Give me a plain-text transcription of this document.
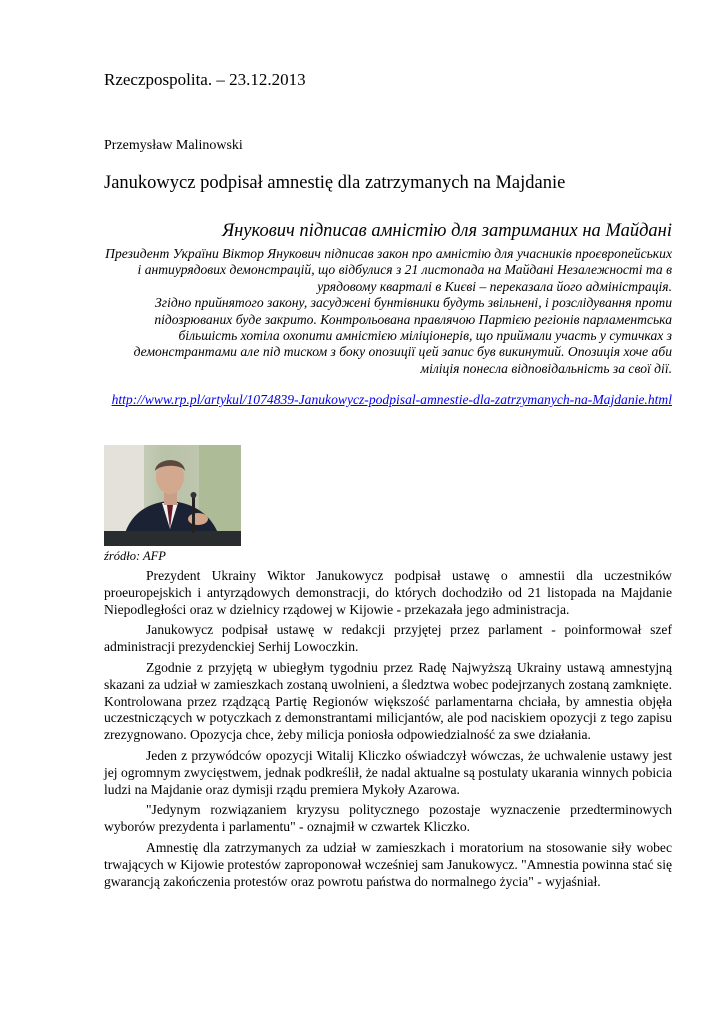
Rzeczpospolita. – 23.12.2013
Przemysław Malinowski
Janukowycz podpisał amnestię dla zatrzymanych na Majdanie
Янукович підписав амністію для затриманих на Майдані

Президент України Віктор Янукович підписав закон про амністію для учасників проєвропейських і антиурядових демонстрацій, що відбулися з 21 листопада на Майдані Незалежності та в урядовому кварталі в Києві – переказала його адміністрація.

Згідно прийнятого закону, засуджені бунтівники будуть звільнені, і розслідування проти підозрюваних буде закрито. Контрольована правлячою Партією регіонів парламентська більшість хотіла охопити амністією міліціонерів, що приймали участь у сутичках з демонстрантами але під тиском з боку опозиції цей запис був викинутий. Опозиція хоче аби міліція понесла відповідальність за свої дії.

http://www.rp.pl/artykul/1074839-Janukowycz-podpisal-amnestie-dla-zatrzymanych-na-Majdanie.html
źródło: AFP

Prezydent Ukrainy Wiktor Janukowycz podpisał ustawę o amnestii dla uczestników proeuropejskich i antyrządowych demonstracji, do których dochodziło od 21 listopada na Majdanie Niepodległości oraz w dzielnicy rządowej w Kijowie - przekazała jego administracja.

Janukowycz podpisał ustawę w redakcji przyjętej przez parlament - poinformował szef administracji prezydenckiej Serhij Lowoczkin.

Zgodnie z przyjętą w ubiegłym tygodniu przez Radę Najwyższą Ukrainy ustawą amnestyjną skazani za udział w zamieszkach zostaną uwolnieni, a śledztwa wobec podejrzanych zostaną zamknięte. Kontrolowana przez rządzącą Partię Regionów większość parlamentarna chciała, by amnestia objęła uczestniczących w potyczkach z demonstrantami milicjantów, ale pod naciskiem opozycji z tego zapisu zrezygnowano. Opozycja chce, żeby milicja poniosła odpowiedzialność za swe działania.

Jeden z przywódców opozycji Witalij Kliczko oświadczył wówczas, że uchwalenie ustawy jest jej ogromnym zwycięstwem, jednak podkreślił, że nadal aktualne są postulaty ukarania winnych pobicia ludzi na Majdanie oraz dymisji rządu premiera Mykoły Azarowa.

"Jedynym rozwiązaniem kryzysu politycznego pozostaje wyznaczenie przedterminowych wyborów prezydenta i parlamentu" - oznajmił w czwartek Kliczko.

Amnestię dla zatrzymanych za udział w zamieszkach i moratorium na stosowanie siły wobec trwających w Kijowie protestów zaproponował wcześniej sam Janukowycz. "Amnestia powinna stać się gwarancją zakończenia protestów oraz powrotu państwa do normalnego życia" - wyjaśniał.
